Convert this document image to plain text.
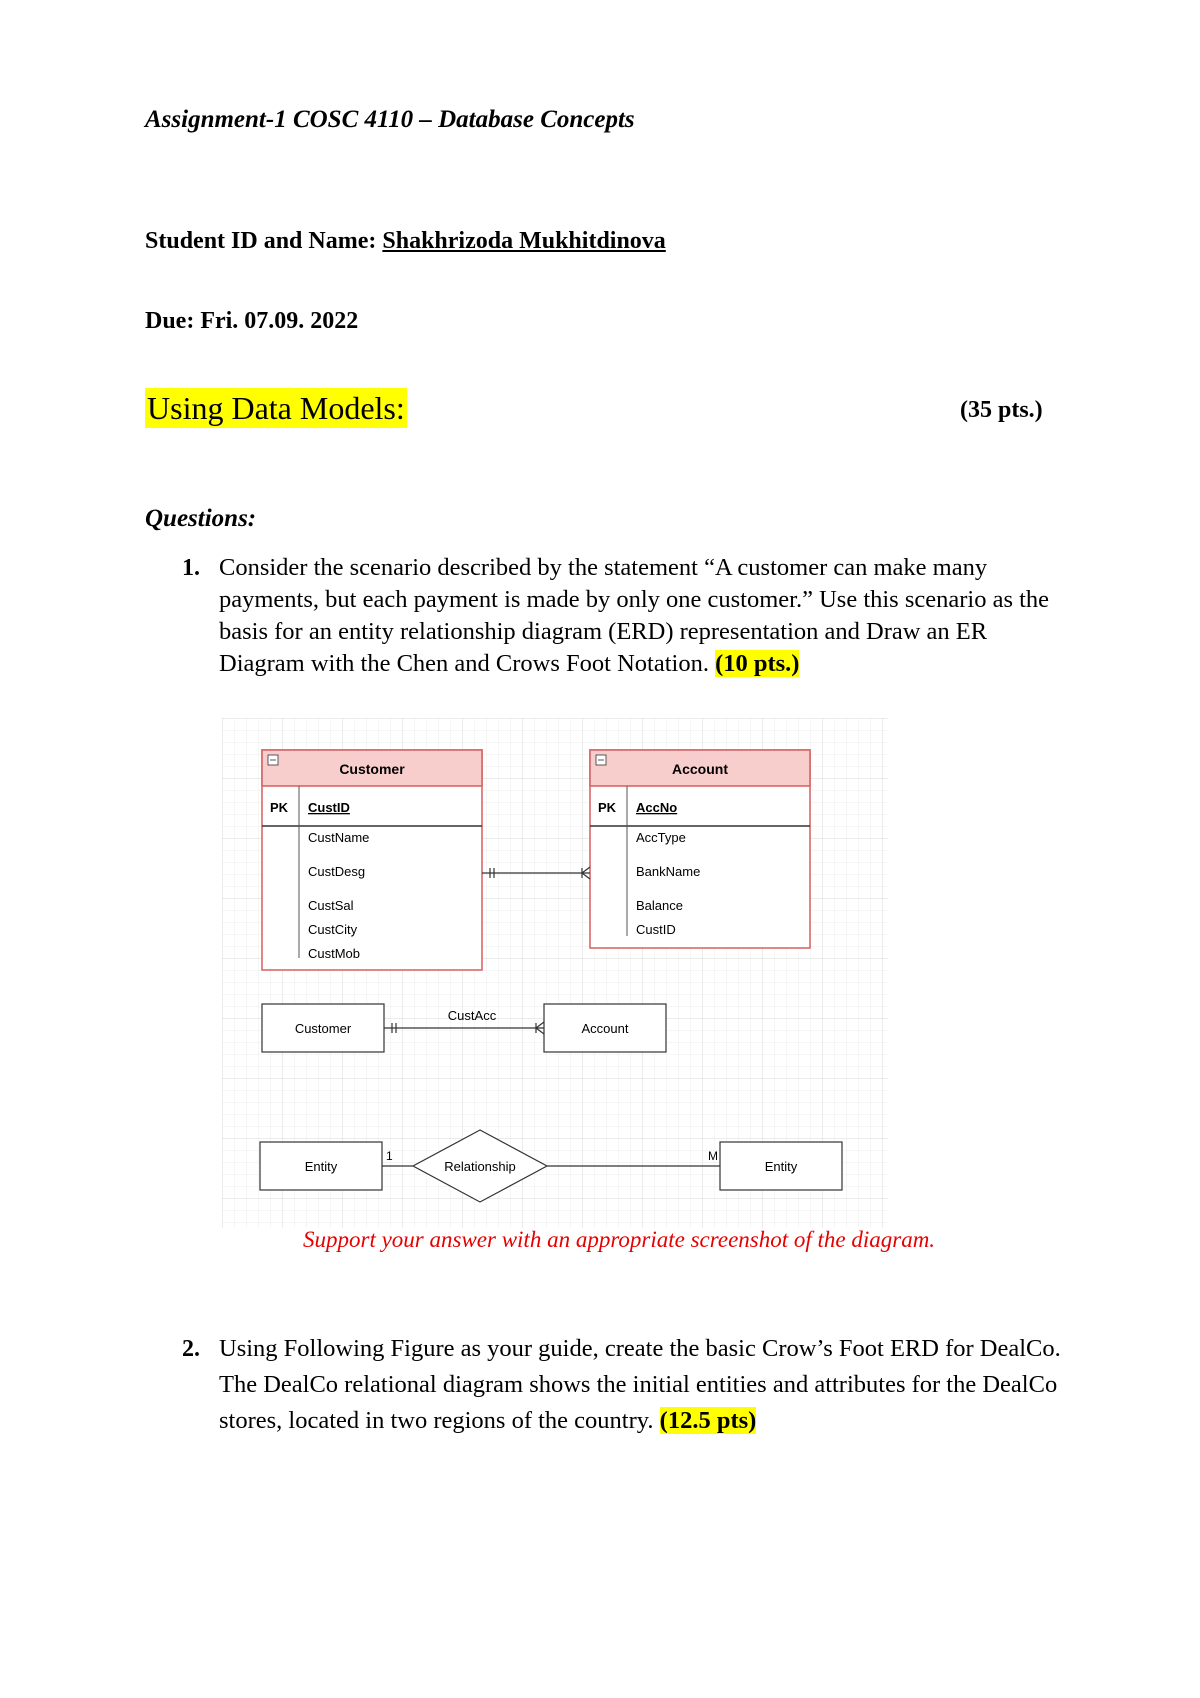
Assignment-1 COSC 4110 – Database Concepts
Student ID and Name: Shakhrizoda Mukhitdinova
Due: Fri. 07.09. 2022
Using Data Models:	(35 pts.)
Questions:
1. Consider the scenario described by the statement “A customer can make many payments, but each payment is made by only one customer.” Use this scenario as the basis for an entity relationship diagram (ERD) representation and Draw an ER Diagram with the Chen and Crows Foot Notation. (10 pts.)
Customer
PK CustID
CustName
CustDesg
CustSal
CustCity
CustMob
Account
PK AccNo
AccType
BankName
Balance
CustID
Customer	Account
CustAcc
Entity	Relationship	Entity
1	M
Support your answer with an appropriate screenshot of the diagram.
2. Using Following Figure as your guide, create the basic Crow’s Foot ERD for DealCo. The DealCo relational diagram shows the initial entities and attributes for the DealCo stores, located in two regions of the country. (12.5 pts)
